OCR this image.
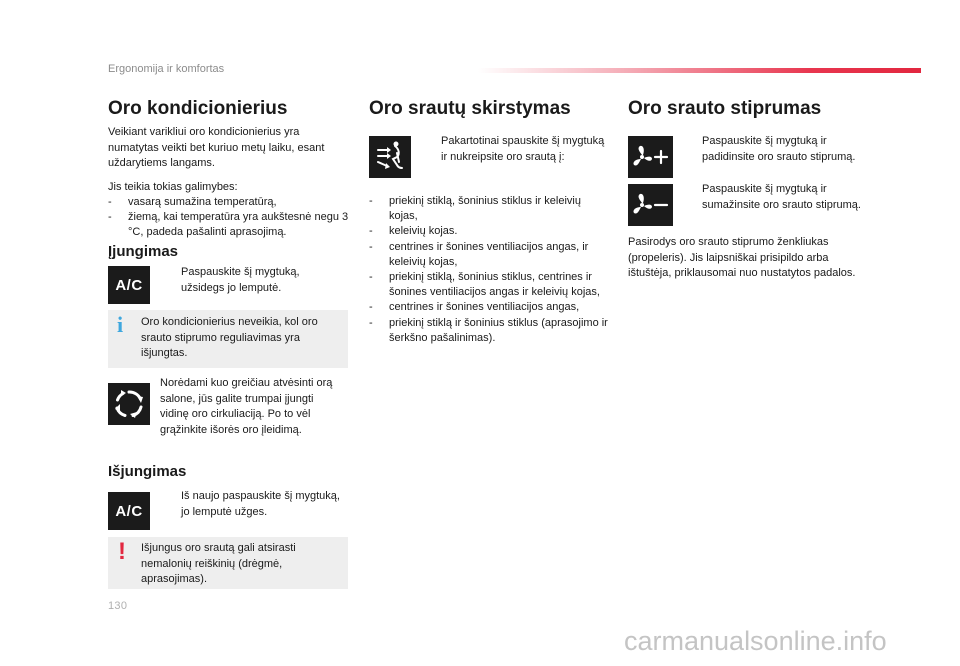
Ergonomija ir komfortas
Oro kondicionierius
Veikiant varikliui oro kondicionierius yra numatytas veikti bet kuriuo metų laiku, esant uždarytiems langams.
Jis teikia tokias galimybes:
- vasarą sumažina temperatūrą,
- žiemą, kai temperatūra yra aukštesnė negu 3 °C, padeda pašalinti aprasojimą.
Įjungimas
A/C
Paspauskite šį mygtuką, užsidegs jo lemputė.
i Oro kondicionierius neveikia, kol oro srauto stiprumo reguliavimas yra išjungtas.
Norėdami kuo greičiau atvėsinti orą salone, jūs galite trumpai įjungti vidinę oro cirkuliaciją. Po to vėl grąžinkite išorės oro įleidimą.
Išjungimas
A/C
Iš naujo paspauskite šį mygtuką, jo lemputė užges.
! Išjungus oro srautą gali atsirasti nemalonių reiškinių (drėgmė, aprasojimas).
130
Oro srautų skirstymas
Pakartotinai spauskite šį mygtuką ir nukreipsite oro srautą į:
- priekinį stiklą, šoninius stiklus ir keleivių kojas,
- keleivių kojas.
- centrines ir šonines ventiliacijos angas, ir keleivių kojas,
- priekinį stiklą, šoninius stiklus, centrines ir šonines ventiliacijos angas ir keleivių kojas,
- centrines ir šonines ventiliacijos angas,
- priekinį stiklą ir šoninius stiklus (aprasojimo ir šerkšno pašalinimas).
Oro srauto stiprumas
Paspauskite šį mygtuką ir padidinsite oro srauto stiprumą.
Paspauskite šį mygtuką ir sumažinsite oro srauto stiprumą.
Pasirodys oro srauto stiprumo ženkliukas (propeleris). Jis laipsniškai prisipildo arba ištuštėja, priklausomai nuo nustatytos padalos.
carmanualsonline.info
